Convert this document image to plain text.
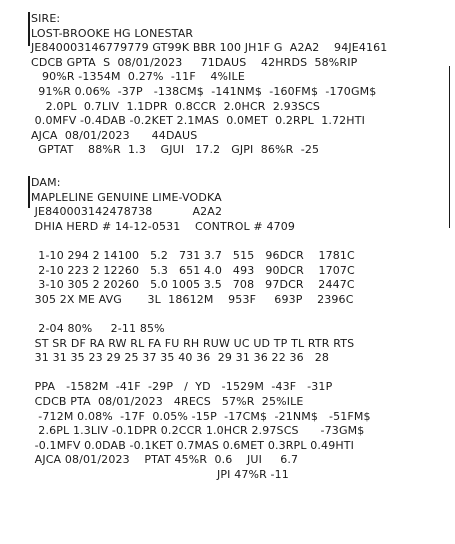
SIRE:
LOST-BROOKE HG LONESTAR
JE840003146779779 GT99K BBR 100 JH1F G  A2A2    94JE4161
CDCB GPTA  S  08/01/2023     71DAUS    42HRDS  58%RIP
90%R -1354M  0.27%  -11F    4%ILE
91%R 0.06%  -37P   -138CM$  -141NM$  -160FM$  -170GM$
2.0PL  0.7LIV  1.1DPR  0.8CCR  2.0HCR  2.93SCS
0.0MFV -0.4DAB -0.2KET 2.1MAS  0.0MET  0.2RPL  1.72HTI
AJCA  08/01/2023      44DAUS
GPTAT    88%R  1.3    GJUI   17.2   GJPI  86%R  -25
DAM:
MAPLELINE GENUINE LIME-VODKA
JE840003142478738           A2A2
DHIA HERD # 14-12-0531    CONTROL # 4709
1-10 294 2 14100   5.2   731 3.7   515   96DCR    1781C
2-10 223 2 12260   5.3   651 4.0   493   90DCR    1707C
3-10 305 2 20260   5.0 1005 3.5   708   97DCR    2447C
305 2X ME AVG       3L  18612M    953F     693P    2396C
2-04 80%     2-11 85%
ST SR DF RA RW RL FA FU RH RUW UC UD TP TL RTR RTS
31 31 35 23 29 25 37 35 40 36  29 31 36 22 36   28
PPA   -1582M  -41F  -29P   /  YD   -1529M  -43F   -31P
CDCB PTA  08/01/2023   4RECS   57%R  25%ILE
-712M 0.08%  -17F  0.05% -15P  -17CM$  -21NM$   -51FM$
2.6PL 1.3LIV -0.1DPR 0.2CCR 1.0HCR 2.97SCS      -73GM$
-0.1MFV 0.0DAB -0.1KET 0.7MAS 0.6MET 0.3RPL 0.49HTI
AJCA 08/01/2023    PTAT 45%R  0.6    JUI     6.7
JPI 47%R -11
